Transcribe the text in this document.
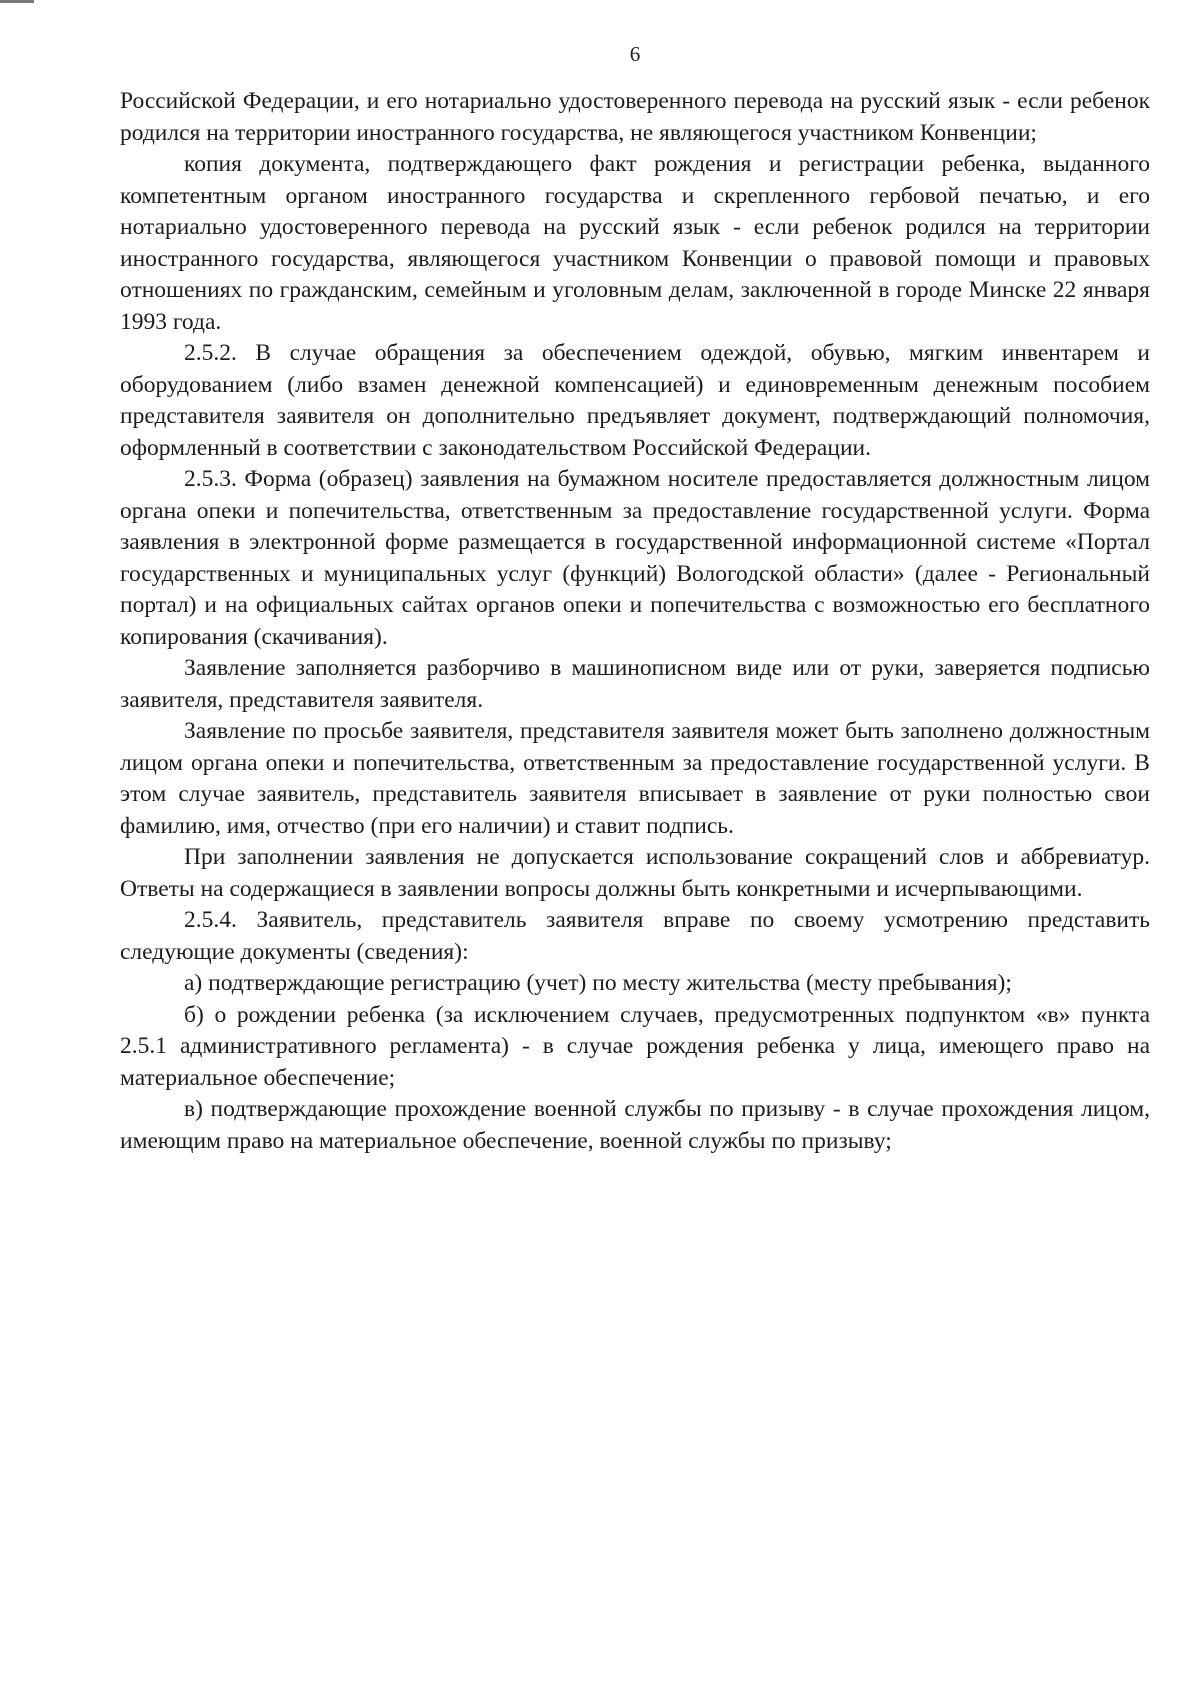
6

Российской Федерации, и его нотариально удостоверенного перевода на русский язык - если ребенок родился на территории иностранного государства, не являющегося участником Конвенции;

копия документа, подтверждающего факт рождения и регистрации ребенка, выданного компетентным органом иностранного государства и скрепленного гербовой печатью, и его нотариально удостоверенного перевода на русский язык - если ребенок родился на территории иностранного государства, являющегося участником Конвенции о правовой помощи и правовых отношениях по гражданским, семейным и уголовным делам, заключенной в городе Минске 22 января 1993 года.

2.5.2. В случае обращения за обеспечением одеждой, обувью, мягким инвентарем и оборудованием (либо взамен денежной компенсацией) и единовременным денежным пособием представителя заявителя он дополнительно предъявляет документ, подтверждающий полномочия, оформленный в соответствии с законодательством Российской Федерации.

2.5.3. Форма (образец) заявления на бумажном носителе предоставляется должностным лицом органа опеки и попечительства, ответственным за предоставление государственной услуги. Форма заявления в электронной форме размещается в государственной информационной системе «Портал государственных и муниципальных услуг (функций) Вологодской области» (далее - Региональный портал) и на официальных сайтах органов опеки и попечительства с возможностью его бесплатного копирования (скачивания).

Заявление заполняется разборчиво в машинописном виде или от руки, заверяется подписью заявителя, представителя заявителя.

Заявление по просьбе заявителя, представителя заявителя может быть заполнено должностным лицом органа опеки и попечительства, ответственным за предоставление государственной услуги. В этом случае заявитель, представитель заявителя вписывает в заявление от руки полностью свои фамилию, имя, отчество (при его наличии) и ставит подпись.

При заполнении заявления не допускается использование сокращений слов и аббревиатур. Ответы на содержащиеся в заявлении вопросы должны быть конкретными и исчерпывающими.

2.5.4. Заявитель, представитель заявителя вправе по своему усмотрению представить следующие документы (сведения):

а) подтверждающие регистрацию (учет) по месту жительства (месту пребывания);

б) о рождении ребенка (за исключением случаев, предусмотренных подпунктом «в» пункта 2.5.1 административного регламента) - в случае рождения ребенка у лица, имеющего право на материальное обеспечение;

в) подтверждающие прохождение военной службы по призыву - в случае прохождения лицом, имеющим право на материальное обеспечение, военной службы по призыву;
